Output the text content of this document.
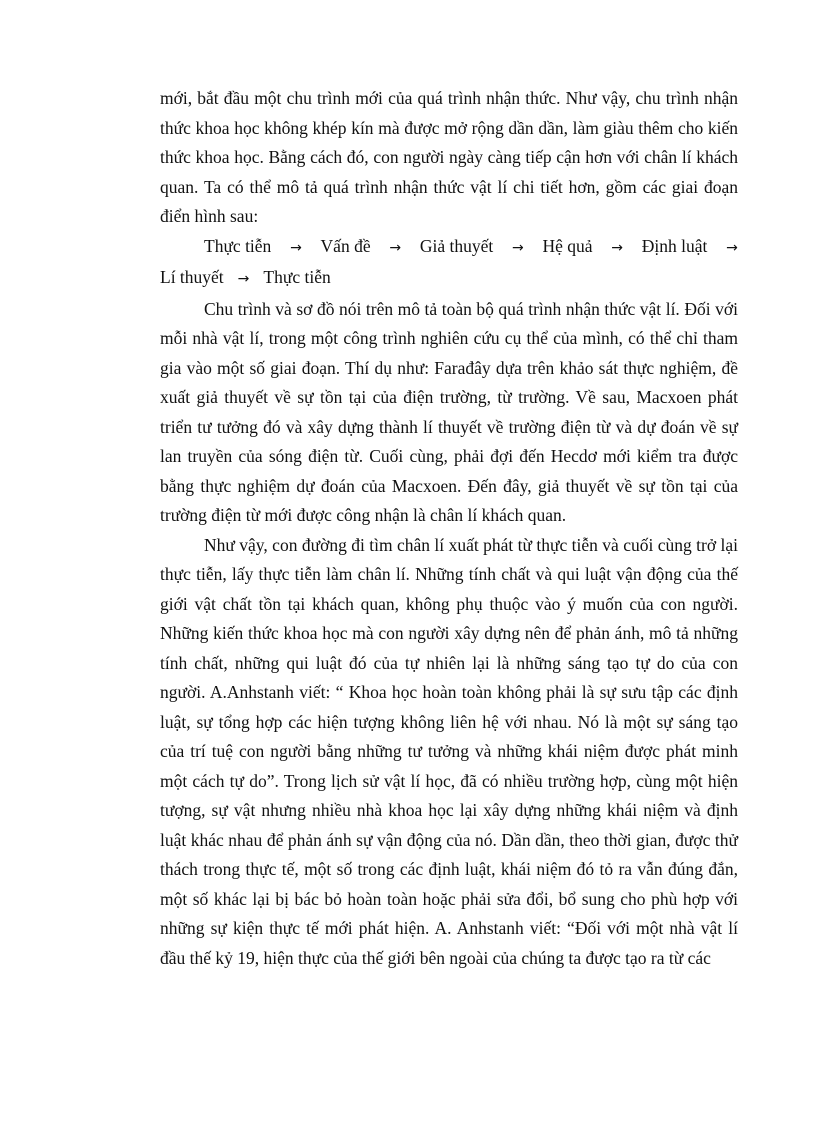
mới, bắt đầu một chu trình mới của quá trình nhận thức. Như vậy, chu trình nhận thức khoa học không khép kín mà được mở rộng dần dần, làm giàu thêm cho kiến thức khoa học. Bằng cách đó, con người ngày càng tiếp cận hơn với chân lí khách quan. Ta có thể mô tả quá trình nhận thức vật lí chi tiết hơn, gồm các giai đoạn điển hình sau:

Thực tiễn → Vấn đề → Giả thuyết → Hệ quả → Định luật →
Lí thuyết → Thực tiễn

Chu trình và sơ đồ nói trên mô tả toàn bộ quá trình nhận thức vật lí. Đối với mỗi nhà vật lí, trong một công trình nghiên cứu cụ thể của mình, có thể chỉ tham gia vào một số giai đoạn. Thí dụ như: Farađây dựa trên khảo sát thực nghiệm, đề xuất giả thuyết về sự tồn tại của điện trường, từ trường. Về sau, Macxoen phát triển tư tưởng đó và xây dựng thành lí thuyết về trường điện từ và dự đoán về sự lan truyền của sóng điện từ. Cuối cùng, phải đợi đến Hecdơ mới kiểm tra được bằng thực nghiệm dự đoán của Macxoen. Đến đây, giả thuyết về sự tồn tại của trường điện từ mới được công nhận là chân lí khách quan.

Như vậy, con đường đi tìm chân lí xuất phát từ thực tiễn và cuối cùng trở lại thực tiễn, lấy thực tiễn làm chân lí. Những tính chất và qui luật vận động của thế giới vật chất tồn tại khách quan, không phụ thuộc vào ý muốn của con người. Những kiến thức khoa học mà con người xây dựng nên để phản ánh, mô tả những tính chất, những qui luật đó của tự nhiên lại là những sáng tạo tự do của con người. A.Anhstanh viết: “ Khoa học hoàn toàn không phải là sự sưu tập các định luật, sự tổng hợp các hiện tượng không liên hệ với nhau. Nó là một sự sáng tạo của trí tuệ con người bằng những tư tưởng và những khái niệm được phát minh một cách tự do”. Trong lịch sử vật lí học, đã có nhiều trường hợp, cùng một hiện tượng, sự vật nhưng nhiều nhà khoa học lại xây dựng những khái niệm và định luật khác nhau để phản ánh sự vận động của nó. Dần dần, theo thời gian, được thử thách trong thực tế, một số trong các định luật, khái niệm đó tỏ ra vẫn đúng đắn, một số khác lại bị bác bỏ hoàn toàn hoặc phải sửa đổi, bổ sung cho phù hợp với những sự kiện thực tế mới phát hiện. A. Anhstanh viết: “Đối với một nhà vật lí đầu thế kỷ 19, hiện thực của thế giới bên ngoài của chúng ta được tạo ra từ các
